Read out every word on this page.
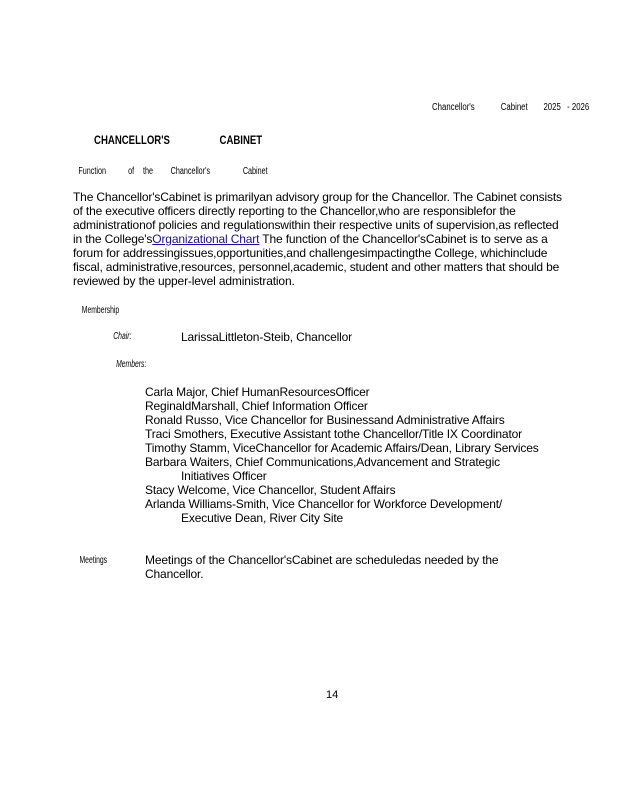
Chancellor's	Cabinet 2025 - 2026
CHANCELLOR'S	CABINET
Function of the Chancellor's	Cabinet

The Chancellor'sCabinet is primarilyan advisory group for the Chancellor. The Cabinet consists

of the executive officers directly reporting to the Chancellor,who are responsiblefor the

administrationof policies and regulationswithin their respective units of supervision,as reflected

in the College'sOrganizational Chart The function of the Chancellor'sCabinet is to serve as a

forum for addressingissues,opportunities,and challengesimpactingthe College, whichinclude

fiscal, administrative,resources, personnel,academic, student and other matters that should be

reviewed by the upper-level administration.

Membership
Chair:	LarissaLittleton-Steib, Chancellor
Members:
Carla Major, Chief HumanResourcesOfficer
ReginaldMarshall, Chief Information Officer
Ronald Russo, Vice Chancellor for Businessand Administrative Affairs
Traci Smothers, Executive Assistant tothe Chancellor/Title IX Coordinator
Timothy Stamm, ViceChancellor for Academic Affairs/Dean, Library Services
Barbara Waiters, Chief Communications,Advancement and Strategic
Initiatives Officer
Stacy Welcome, Vice Chancellor, Student Affairs
Arlanda Williams-Smith, Vice Chancellor for Workforce Development/
Executive Dean, River City Site
Meetings	Meetings of the Chancellor'sCabinet are scheduledas needed by the
Chancellor.
14
